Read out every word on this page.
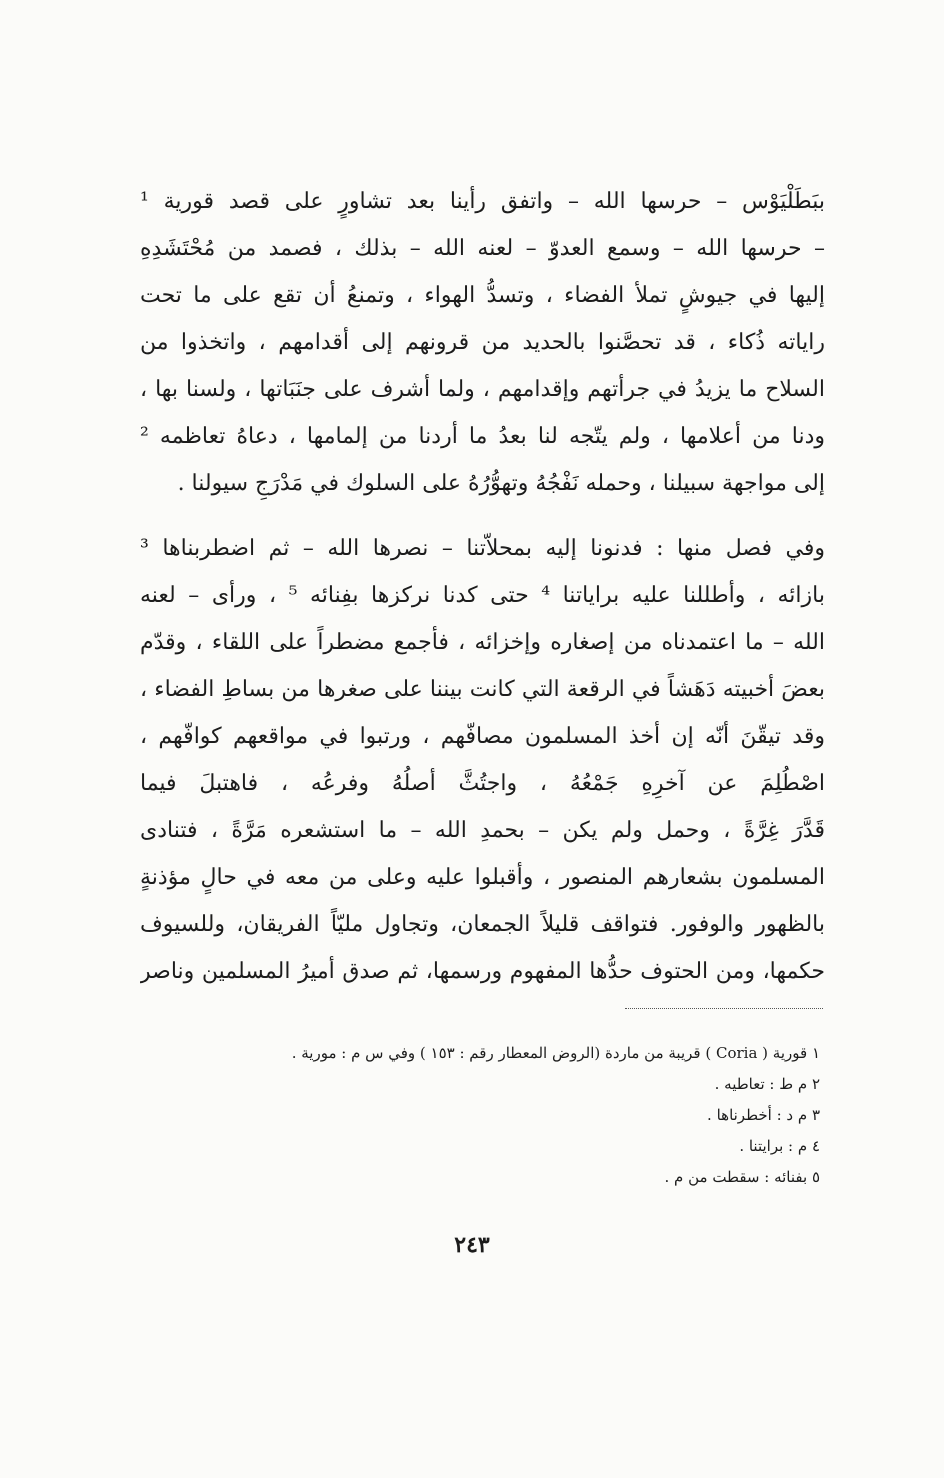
ببَطَلْيَوْس – حرسها الله – واتفق رأينا بعد تشاورٍ على قصد قورية ¹
– حرسها الله – وسمع العدوّ – لعنه الله – بذلك ، فصمد من مُحْتَشَدِهِ
إليها في جيوشٍ تملأ الفضاء ، وتسدُّ الهواء ، وتمنعُ أن تقع على ما تحت
راياته ذُكاء ، قد تحصَّنوا بالحديد من قرونهم إلى أقدامهم ، واتخذوا من
السلاح ما يزيدُ في جرأتهم وإقدامهم ، ولما أشرف على جنَبَاتها ، ولسنا بها ،
ودنا من أعلامها ، ولم يتّجه لنا بعدُ ما أردنا من إلمامها ، دعاهُ تعاظمه ²
إلى مواجهة سبيلنا ، وحمله نَفْجُهُ وتهوُّرُهُ على السلوك في مَدْرَجِ سيولنا .
وفي فصل منها : فدنونا إليه بمحلاّتنا – نصرها الله – ثم اضطربناها ³
بازائه ، وأطللنا عليه براياتنا ⁴ حتى كدنا نركزها بفِنائه ⁵ ، ورأى – لعنه
الله – ما اعتمدناه من إصغاره وإخزائه ، فأجمع مضطراً على اللقاء ، وقدّم
بعضَ أخبيته دَهَشاً في الرقعة التي كانت بيننا على صغرها من بساطِ الفضاء ،
وقد تيقّنَ أنّه إن أخذ المسلمون مصافّهم ، ورتبوا في مواقعهم كوافّهم ،
اصْطُلِمَ عن آخرِهِ جَمْعُهُ ، واجتُثَّ أصلُهُ وفرعُه ، فاهتبلَ فيما
قَدَّرَ غِرَّةً ، وحمل ولم يكن – بحمدِ الله – ما استشعره مَرَّةً ، فتنادى
المسلمون بشعارهم المنصور ، وأقبلوا عليه وعلى من معه في حالٍ مؤذنةٍ
بالظهور والوفور. فتواقف قليلاً الجمعان، وتجاول مليّاً الفريقان، وللسيوف
حكمها، ومن الحتوف حدُّها المفهوم ورسمها، ثم صدق أميرُ المسلمين وناصر
١ قورية ( Coria ) قريبة من ماردة (الروض المعطار رقم : ١٥٣ ) وفي س م : مورية .
٢ م ط : تعاطيه .
٣ م د : أخطرناها .
٤ م : برايتنا .
٥ بفنائه : سقطت من م .
٢٤٣
